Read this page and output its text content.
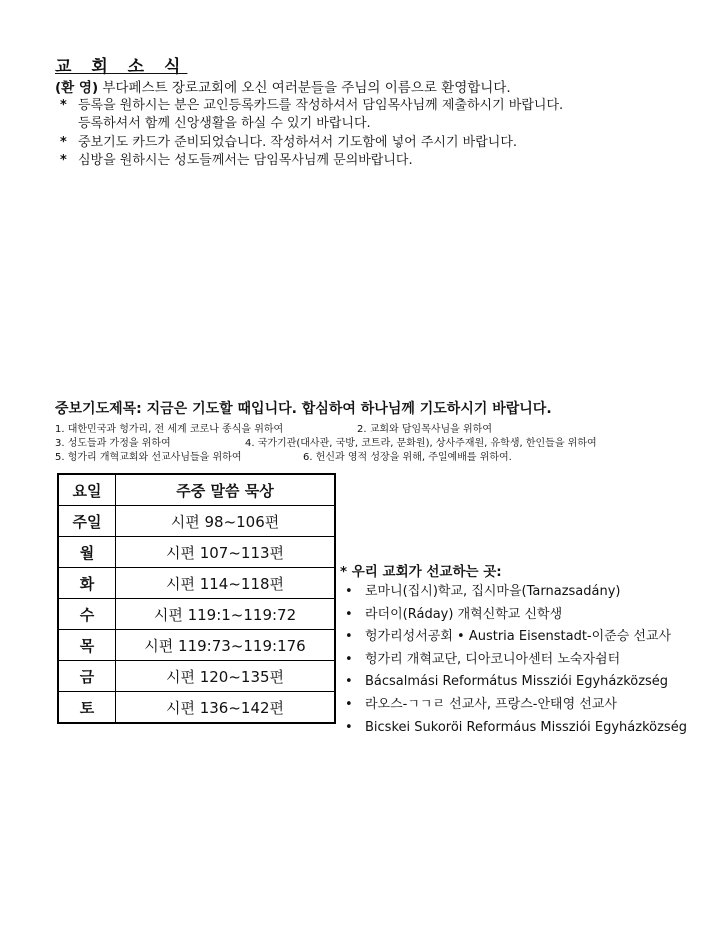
교 회 소 식
(환 영) 부다페스트 장로교회에 오신 여러분들을 주님의 이름으로 환영합니다.
* 등록을 원하시는 분은 교인등록카드를 작성하셔서 담임목사님께 제출하시기 바랍니다.
등록하셔서 함께 신앙생활을 하실 수 있기 바랍니다.
* 중보기도 카드가 준비되었습니다. 작성하셔서 기도함에 넣어 주시기 바랍니다.
* 심방을 원하시는 성도들께서는 담임목사님께 문의바랍니다.
중보기도제목: 지금은 기도할 때입니다. 합심하여 하나님께 기도하시기 바랍니다.
1. 대한민국과 헝가리, 전 세계 코로나 종식을 위하여	2. 교회와 담임목사님을 위하여
3. 성도들과 가정을 위하여	4. 국가기관(대사관, 국방, 코트라, 문화원), 상사주재원, 유학생, 한인들을 위하여
5. 헝가리 개혁교회와 선교사님들을 위하여	6. 헌신과 영적 성장을 위해, 주일예배를 위하여.
요일	주중 말씀 묵상
주일	시편 98~106편
월	시편 107~113편
화	시편 114~118편
수	시편 119:1~119:72
목	시편 119:73~119:176
금	시편 120~135편
토	시편 136~142편
* 우리 교회가 선교하는 곳:
• 로마니(집시)학교, 집시마을(Tarnazsadány)
• 라더이(Ráday) 개혁신학교 신학생
• 헝가리성서공회 • Austria Eisenstadt-이준승 선교사
• 헝가리 개혁교단, 디아코니아센터 노숙자쉼터
• Bácsalmási Református Missziói Egyházközség
• 라오스-ㄱㄱㄹ 선교사, 프랑스-안태영 선교사
• Bicskei Sukoröi Reformáus Missziói Egyházközség
